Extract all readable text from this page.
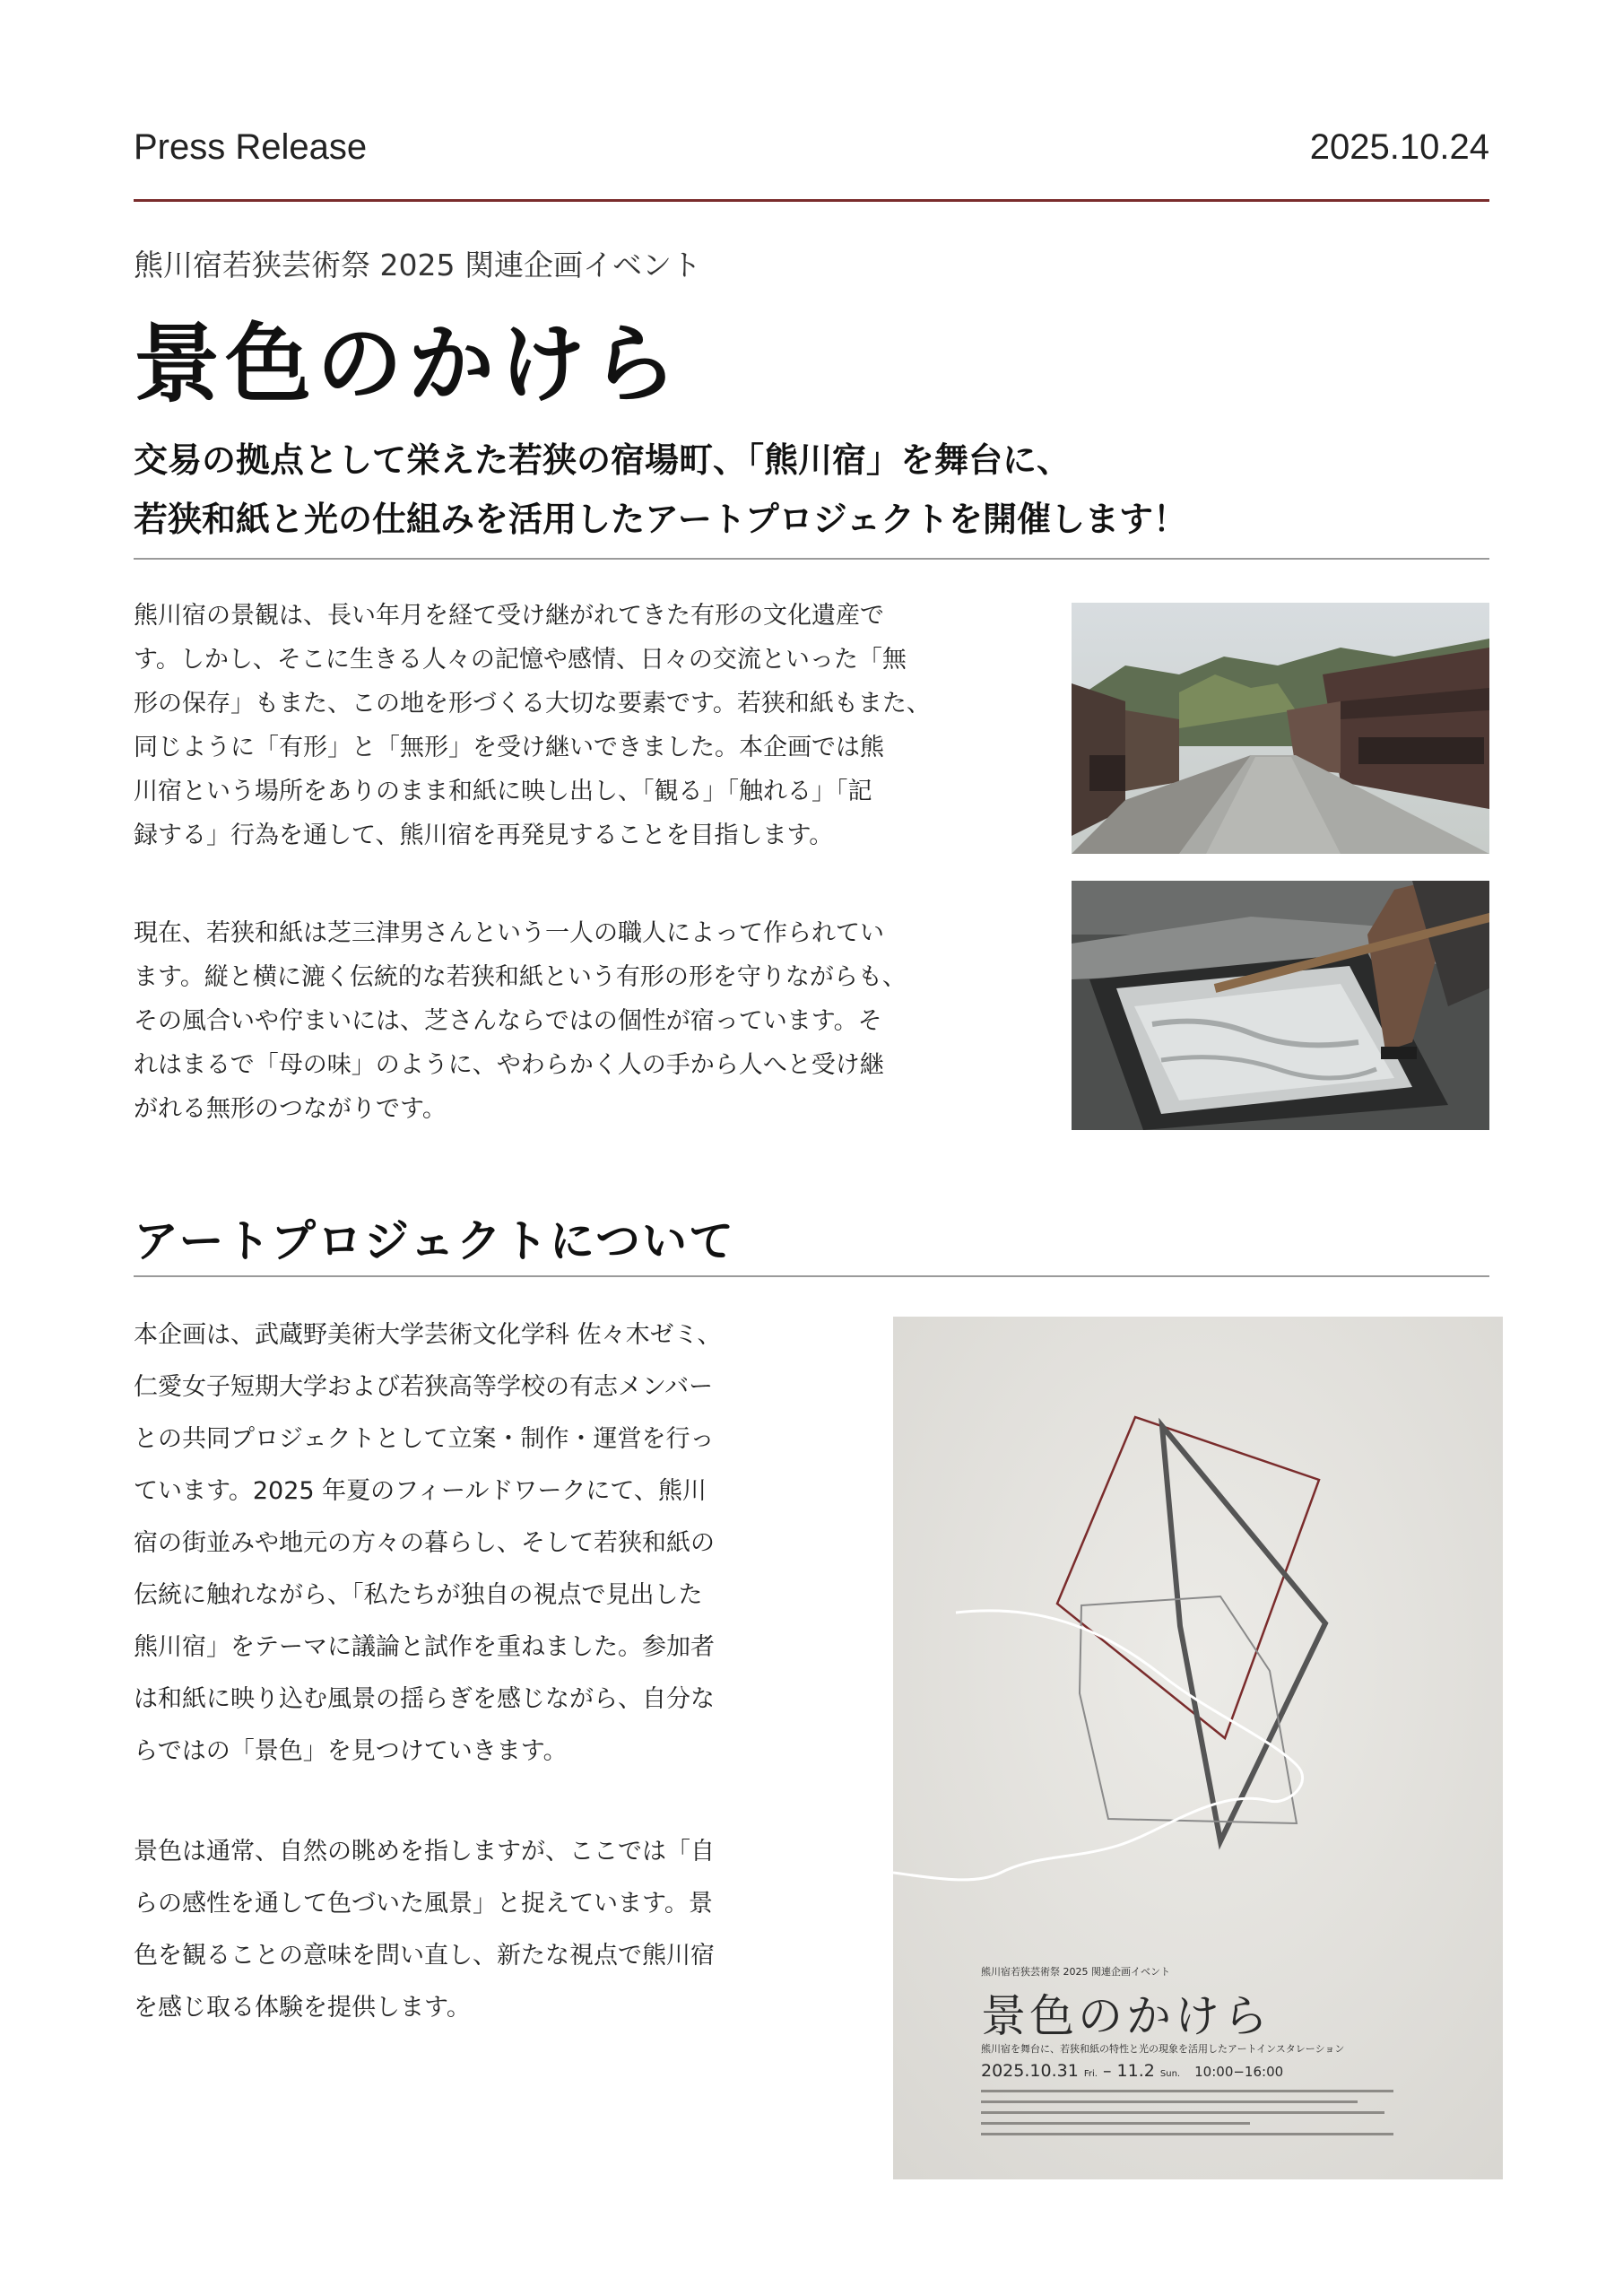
Press Release	2025.10.24
熊川宿若狭芸術祭 2025 関連企画イベント
景色のかけら
交易の拠点として栄えた若狭の宿場町、「熊川宿」を舞台に、
若狭和紙と光の仕組みを活用したアートプロジェクトを開催します！

熊川宿の景観は、長い年月を経て受け継がれてきた有形の文化遺産で

す。しかし、そこに生きる人々の記憶や感情、日々の交流といった「無

形の保存」もまた、この地を形づくる大切な要素です。若狭和紙もまた、

同じように「有形」と「無形」を受け継いできました。本企画では熊

川宿という場所をありのまま和紙に映し出し、「観る」「触れる」「記

録する」行為を通して、熊川宿を再発見することを目指します。

現在、若狭和紙は芝三津男さんという一人の職人によって作られてい

ます。縦と横に漉く伝統的な若狭和紙という有形の形を守りながらも、

その風合いや佇まいには、芝さんならではの個性が宿っています。そ

れはまるで「母の味」のように、やわらかく人の手から人へと受け継

がれる無形のつながりです。

アートプロジェクトについて

本企画は、武蔵野美術大学芸術文化学科 佐々木ゼミ、

仁愛女子短期大学および若狭高等学校の有志メンバー

との共同プロジェクトとして立案・制作・運営を行っ

ています。2025 年夏のフィールドワークにて、熊川

宿の街並みや地元の方々の暮らし、そして若狭和紙の

伝統に触れながら、「私たちが独自の視点で見出した

熊川宿」をテーマに議論と試作を重ねました。参加者

は和紙に映り込む風景の揺らぎを感じながら、自分な

らではの「景色」を見つけていきます。

景色は通常、自然の眺めを指しますが、ここでは「自

らの感性を通して色づいた風景」と捉えています。景

色を観ることの意味を問い直し、新たな視点で熊川宿

を感じ取る体験を提供します。

熊川宿若狭芸術祭 2025 関連企画イベント
景色のかけら
熊川宿を舞台に、若狭和紙の特性と光の現象を活用したアートインスタレーション
2025.10.31 Fri. – 11.2 Sun. 10:00−16:00
